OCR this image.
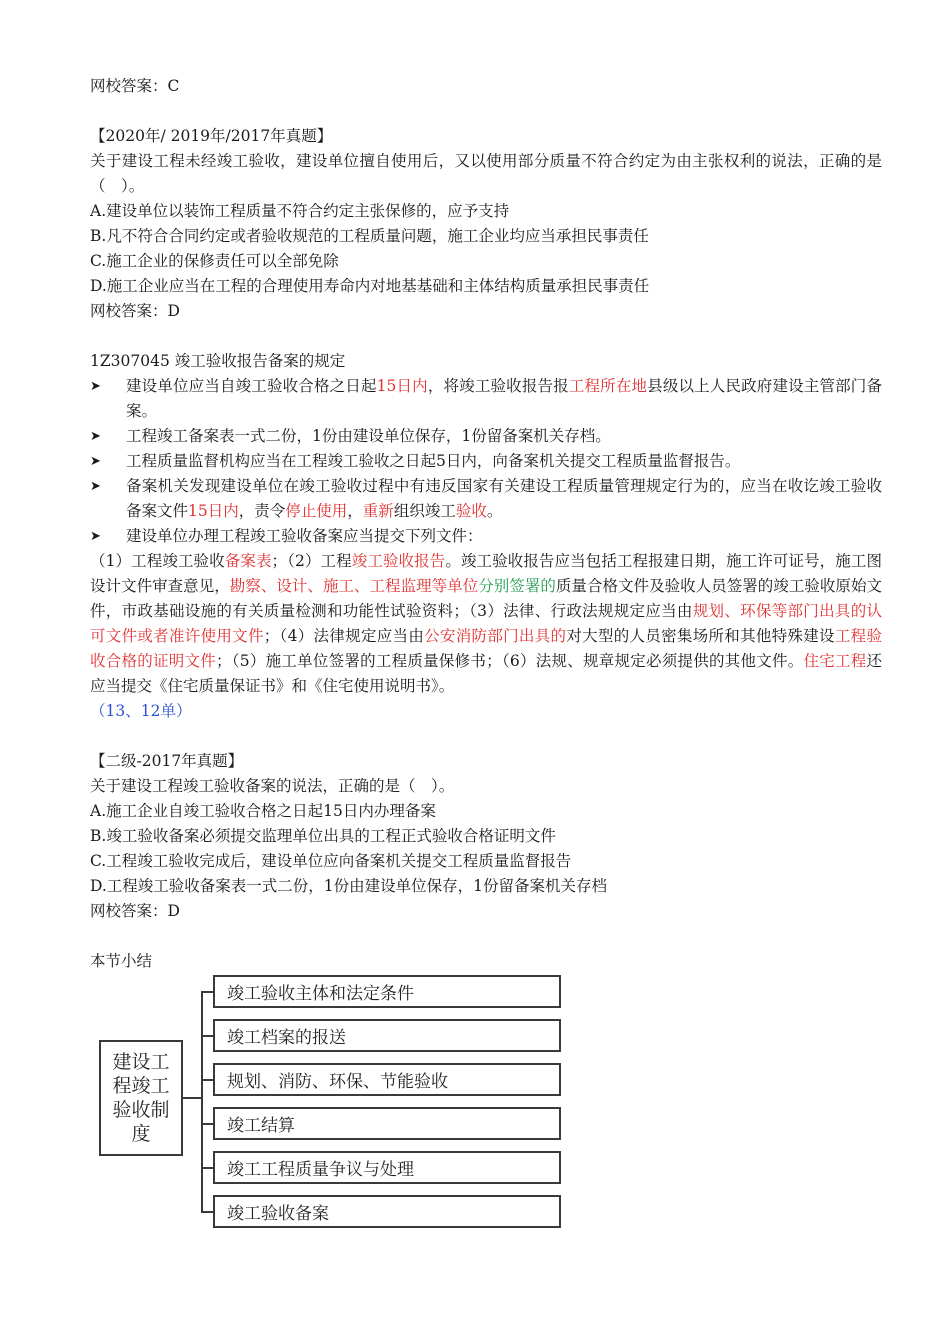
网校答案：C

【2020年/ 2019年/2017年真题】

关于建设工程未经竣工验收，建设单位擅自使用后，又以使用部分质量不符合约定为由主张权利的说法，正确的是（　）。

A.建设单位以装饰工程质量不符合约定主张保修的，应予支持

B.凡不符合合同约定或者验收规范的工程质量问题，施工企业均应当承担民事责任

C.施工企业的保修责任可以全部免除

D.施工企业应当在工程的合理使用寿命内对地基基础和主体结构质量承担民事责任

网校答案：D

1Z307045 竣工验收报告备案的规定

➤	建设单位应当自竣工验收合格之日起15日内，将竣工验收报告报工程所在地县级以上人民政府建设主管部门备案。

➤	工程竣工备案表一式二份，1份由建设单位保存，1份留备案机关存档。

➤	工程质量监督机构应当在工程竣工验收之日起5日内，向备案机关提交工程质量监督报告。

➤	备案机关发现建设单位在竣工验收过程中有违反国家有关建设工程质量管理规定行为的，应当在收讫竣工验收备案文件15日内，责令停止使用，重新组织竣工验收。

➤	建设单位办理工程竣工验收备案应当提交下列文件：

（1）工程竣工验收备案表；（2）工程竣工验收报告。竣工验收报告应当包括工程报建日期，施工许可证号，施工图设计文件审查意见，勘察、设计、施工、工程监理等单位分别签署的质量合格文件及验收人员签署的竣工验收原始文件，市政基础设施的有关质量检测和功能性试验资料；（3）法律、行政法规规定应当由规划、环保等部门出具的认可文件或者准许使用文件；（4）法律规定应当由公安消防部门出具的对大型的人员密集场所和其他特殊建设工程验收合格的证明文件；（5）施工单位签署的工程质量保修书；（6）法规、规章规定必须提供的其他文件。住宅工程还应当提交《住宅质量保证书》和《住宅使用说明书》。

（13、12单）

【二级-2017年真题】

关于建设工程竣工验收备案的说法，正确的是（　）。

A.施工企业自竣工验收合格之日起15日内办理备案

B.竣工验收备案必须提交监理单位出具的工程正式验收合格证明文件

C.工程竣工验收完成后，建设单位应向备案机关提交工程质量监督报告

D.工程竣工验收备案表一式二份，1份由建设单位保存，1份留备案机关存档

网校答案：D

本节小结

建设工程竣工验收制度
竣工验收主体和法定条件
竣工档案的报送
规划、消防、环保、节能验收
竣工结算
竣工工程质量争议与处理
竣工验收备案
